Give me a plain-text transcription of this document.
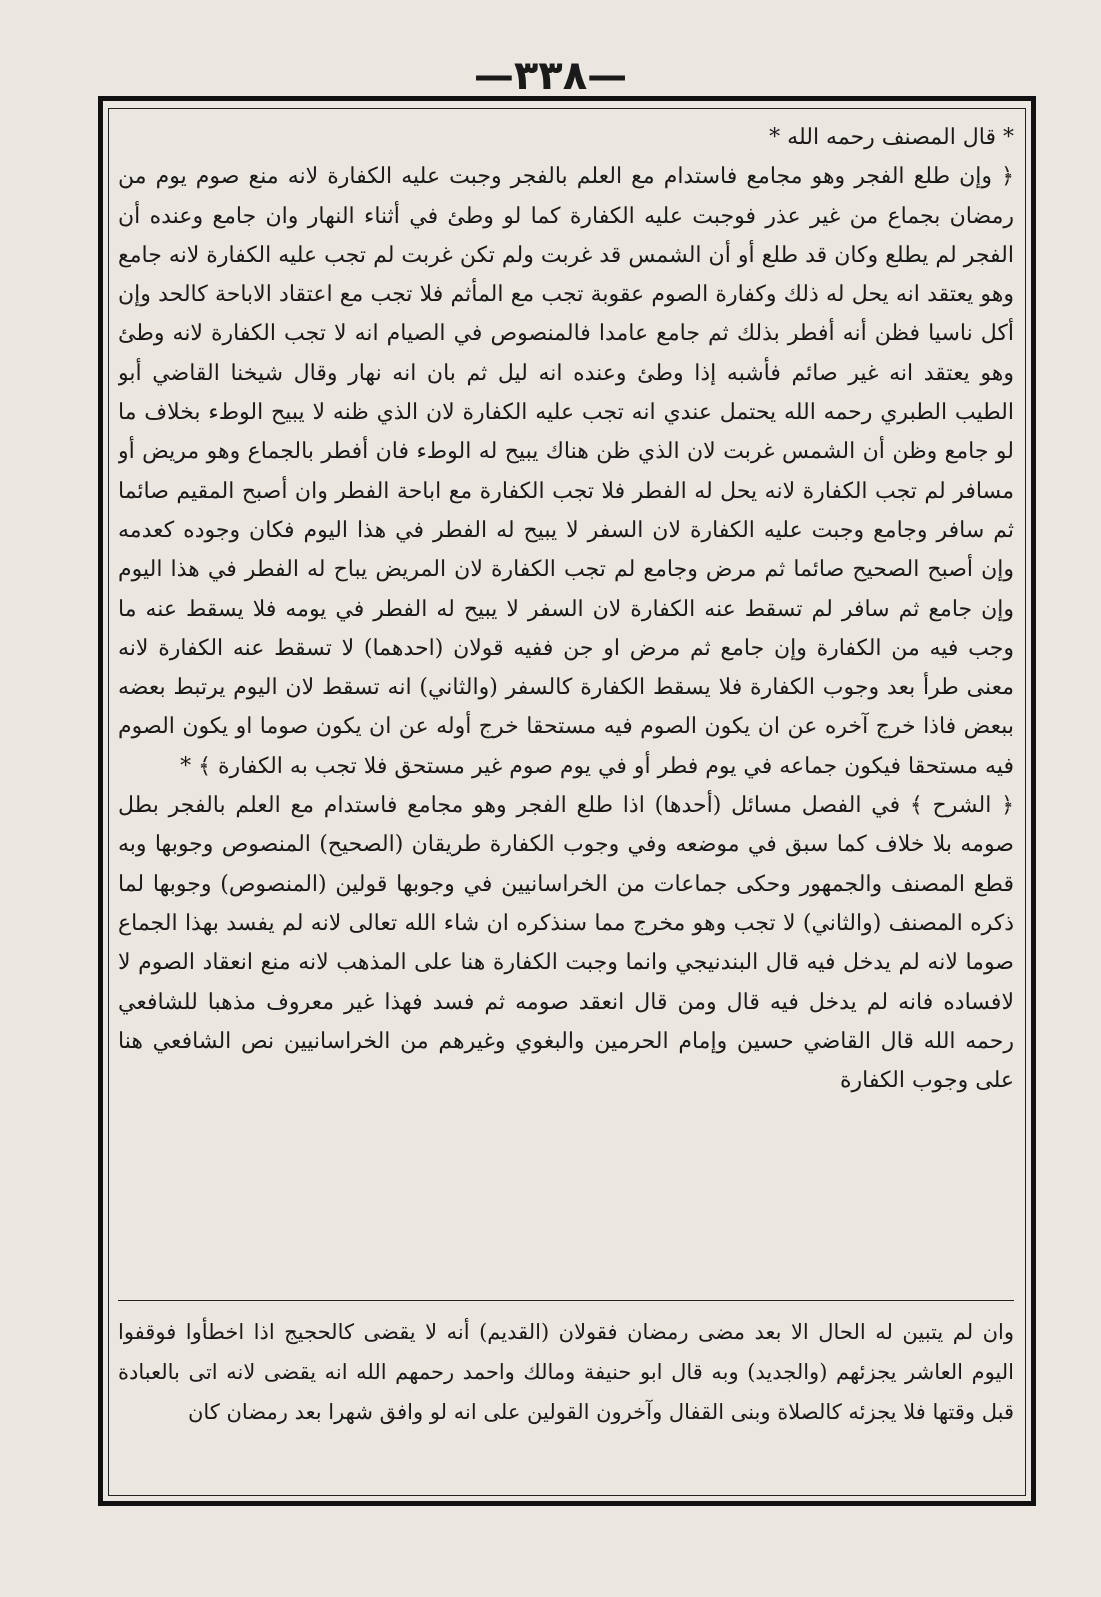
—٣٣٨—

* قال المصنف رحمه الله *

﴿ وإن طلع الفجر وهو مجامع فاستدام مع العلم بالفجر وجبت عليه الكفارة لانه منع صوم يوم من رمضان بجماع من غير عذر فوجبت عليه الكفارة كما لو وطئ في أثناء النهار وان جامع وعنده أن الفجر لم يطلع وكان قد طلع أو أن الشمس قد غربت ولم تكن غربت لم تجب عليه الكفارة لانه جامع وهو يعتقد انه يحل له ذلك وكفارة الصوم عقوبة تجب مع المأثم فلا تجب مع اعتقاد الاباحة كالحد وإن أكل ناسيا فظن أنه أفطر بذلك ثم جامع عامدا فالمنصوص في الصيام انه لا تجب الكفارة لانه وطئ وهو يعتقد انه غير صائم فأشبه إذا وطئ وعنده انه ليل ثم بان انه نهار وقال شيخنا القاضي أبو الطيب الطبري رحمه الله يحتمل عندي انه تجب عليه الكفارة لان الذي ظنه لا يبيح الوطء بخلاف ما لو جامع وظن أن الشمس غربت لان الذي ظن هناك يبيح له الوطء فان أفطر بالجماع وهو مريض أو مسافر لم تجب الكفارة لانه يحل له الفطر فلا تجب الكفارة مع اباحة الفطر وان أصبح المقيم صائما ثم سافر وجامع وجبت عليه الكفارة لان السفر لا يبيح له الفطر في هذا اليوم فكان وجوده كعدمه وإن أصبح الصحيح صائما ثم مرض وجامع لم تجب الكفارة لان المريض يباح له الفطر في هذا اليوم وإن جامع ثم سافر لم تسقط عنه الكفارة لان السفر لا يبيح له الفطر في يومه فلا يسقط عنه ما وجب فيه من الكفارة وإن جامع ثم مرض او جن ففيه قولان (احدهما) لا تسقط عنه الكفارة لانه معنى طرأ بعد وجوب الكفارة فلا يسقط الكفارة كالسفر (والثاني) انه تسقط لان اليوم يرتبط بعضه ببعض فاذا خرج آخره عن ان يكون الصوم فيه مستحقا خرج أوله عن ان يكون صوما او يكون الصوم فيه مستحقا فيكون جماعه في يوم فطر أو في يوم صوم غير مستحق فلا تجب به الكفارة ﴾ *

﴿ الشرح ﴾ في الفصل مسائل (أحدها) اذا طلع الفجر وهو مجامع فاستدام مع العلم بالفجر بطل صومه بلا خلاف كما سبق في موضعه وفي وجوب الكفارة طريقان (الصحيح) المنصوص وجوبها وبه قطع المصنف والجمهور وحكى جماعات من الخراسانيين في وجوبها قولين (المنصوص) وجوبها لما ذكره المصنف (والثاني) لا تجب وهو مخرج مما سنذكره ان شاء الله تعالى لانه لم يفسد بهذا الجماع صوما لانه لم يدخل فيه قال البندنيجي وانما وجبت الكفارة هنا على المذهب لانه منع انعقاد الصوم لا لافساده فانه لم يدخل فيه قال ومن قال انعقد صومه ثم فسد فهذا غير معروف مذهبا للشافعي رحمه الله قال القاضي حسين وإمام الحرمين والبغوي وغيرهم من الخراسانيين نص الشافعي هنا على وجوب الكفارة

وان لم يتبين له الحال الا بعد مضى رمضان فقولان (القديم) أنه لا يقضى كالحجيج اذا اخطأوا فوقفوا اليوم العاشر يجزئهم (والجديد) وبه قال ابو حنيفة ومالك واحمد رحمهم الله انه يقضى لانه اتى بالعبادة قبل وقتها فلا يجزئه كالصلاة وبنى القفال وآخرون القولين على انه لو وافق شهرا بعد رمضان كان
